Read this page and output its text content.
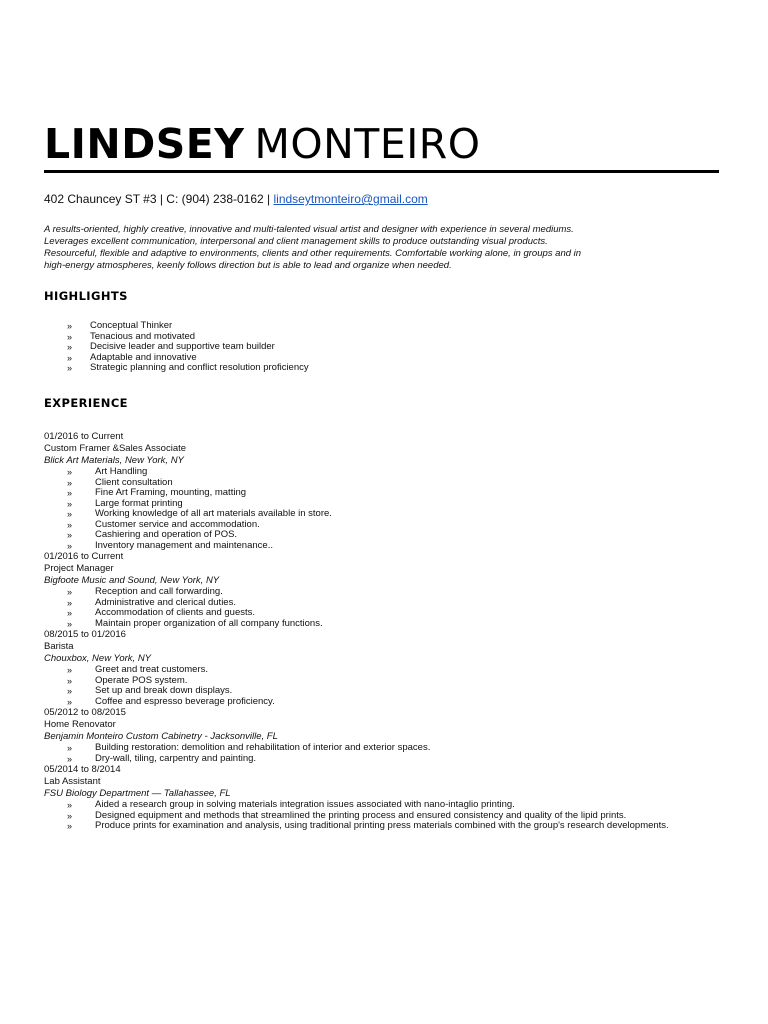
LINDSEY MONTEIRO
402 Chauncey ST #3 | C: (904) 238-0162 | lindseytmonteiro@gmail.com
A results-oriented, highly creative, innovative and multi-talented visual artist and designer with experience in several mediums.
Leverages excellent communication, interpersonal and client management skills to produce outstanding visual products.
Resourceful, flexible and adaptive to environments, clients and other requirements. Comfortable working alone, in groups and in
high-energy atmospheres, keenly follows direction but is able to lead and organize when needed.
HIGHLIGHTS
» Conceptual Thinker
» Tenacious and motivated
» Decisive leader and supportive team builder
» Adaptable and innovative
» Strategic planning and conflict resolution proficiency
EXPERIENCE
01/2016 to Current
Custom Framer &Sales Associate
Blick Art Materials, New York, NY
» Art Handling
» Client consultation
» Fine Art Framing, mounting, matting
» Large format printing
» Working knowledge of all art materials available in store.
» Customer service and accommodation.
» Cashiering and operation of POS.
» Inventory management and maintenance..
01/2016 to Current
Project Manager
Bigfoote Music and Sound, New York, NY
» Reception and call forwarding.
» Administrative and clerical duties.
» Accommodation of clients and guests.
» Maintain proper organization of all company functions.
08/2015 to 01/2016
Barista
Chouxbox, New York, NY
» Greet and treat customers.
» Operate POS system.
» Set up and break down displays.
» Coffee and espresso beverage proficiency.
05/2012 to 08/2015
Home Renovator
Benjamin Monteiro Custom Cabinetry - Jacksonville, FL
» Building restoration: demolition and rehabilitation of interior and exterior spaces.
» Dry-wall, tiling, carpentry and painting.
05/2014 to 8/2014
Lab Assistant
FSU Biology Department — Tallahassee, FL
» Aided a research group in solving materials integration issues associated with nano-intaglio printing.
» Designed equipment and methods that streamlined the printing process and ensured consistency and quality of the lipid prints.
» Produce prints for examination and analysis, using traditional printing press materials combined with the group's research developments.
